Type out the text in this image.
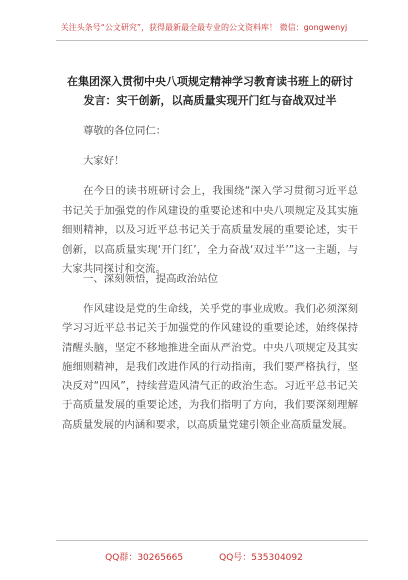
关注头条号“公文研究”，获得最新最全最专业的公文资料库！ 微信：gongwenyj
在集团深入贯彻中央八项规定精神学习教育读书班上的研讨发言：实干创新，以高质量实现开门红与奋战双过半

尊敬的各位同仁：

大家好！

在今日的读书班研讨会上，我围绕“深入学习贯彻习近平总书记关于加强党的作风建设的重要论述和中央八项规定及其实施细则精神，以及习近平总书记关于高质量发展的重要论述，实干创新，以高质量实现‘开门红’，全力奋战‘双过半’”这一主题，与大家共同探讨和交流。

一、深刻领悟，提高政治站位

作风建设是党的生命线，关乎党的事业成败。我们必须深刻学习习近平总书记关于加强党的作风建设的重要论述，始终保持清醒头脑，坚定不移地推进全面从严治党。中央八项规定及其实施细则精神，是我们改进作风的行动指南，我们要严格执行，坚决反对“四风”，持续营造风清气正的政治生态。习近平总书记关于高质量发展的重要论述，为我们指明了方向，我们要深刻理解高质量发展的内涵和要求，以高质量党建引领企业高质量发展。

QQ群：30265665	QQ号：535304092
